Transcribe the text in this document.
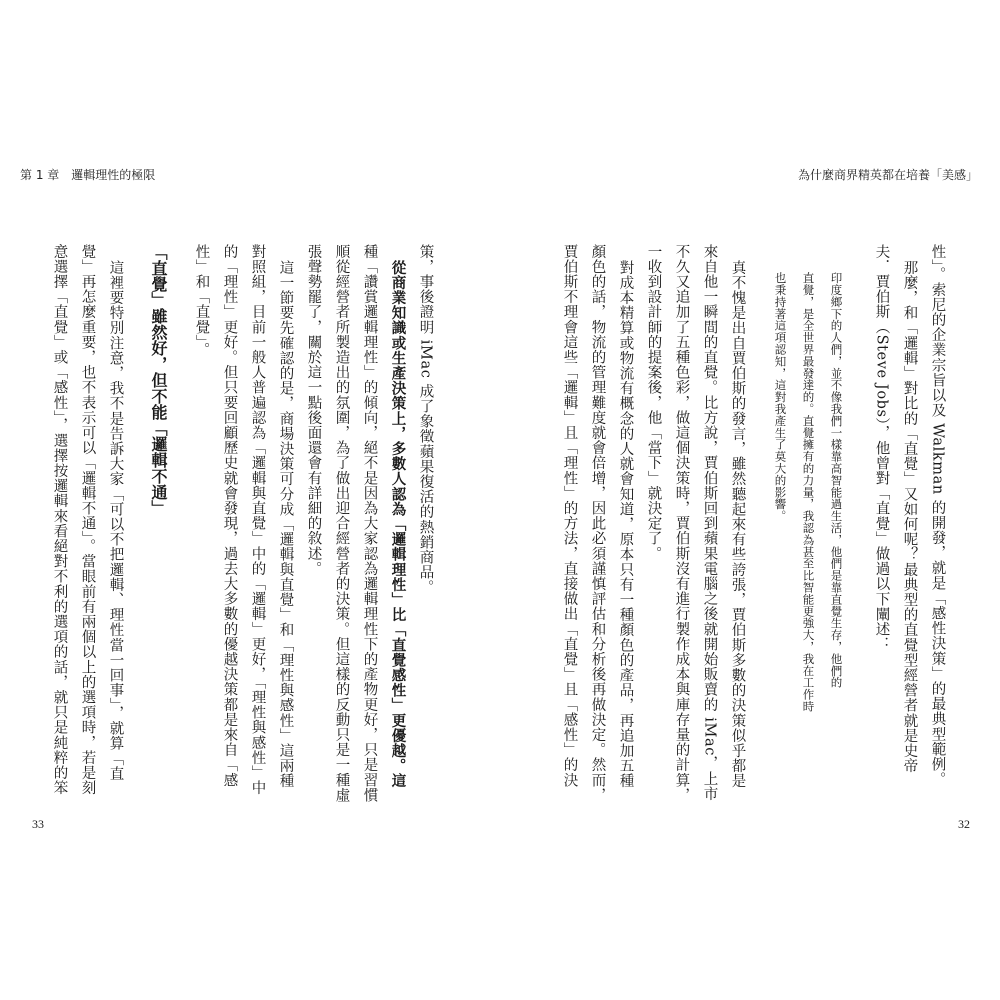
第 1 章　邏輯理性的極限	為什麼商界精英都在培養「美感」
性」。索尼的企業宗旨以及 Walkman 的開發，就是「感性決策」的最典型範例。
那麼，和「邏輯」對比的「直覺」又如何呢？最典型的直覺型經營者就是史帝
夫．賈伯斯（Steve Jobs），他曾對「直覺」做過以下闡述：
印度鄉下的人們，並不像我們一樣靠高智能過生活，他們是靠直覺生存，他們的
直覺，是全世界最發達的。直覺擁有的力量，我認為甚至比智能更強大，我在工作時
也秉持著這項認知，這對我產生了莫大的影響。
真不愧是出自賈伯斯的發言，雖然聽起來有些誇張，賈伯斯多數的決策似乎都是
來自他一瞬間的直覺。比方說，賈伯斯回到蘋果電腦之後就開始販賣的 iMac，上市
不久又追加了五種色彩，做這個決策時，賈伯斯沒有進行製作成本與庫存量的計算，
一收到設計師的提案後，他「當下」就決定了。
對成本精算或物流有概念的人就會知道，原本只有一種顏色的產品，再追加五種
顏色的話，物流的管理難度就會倍增，因此必須謹慎評估和分析後再做決定。然而，
賈伯斯不理會這些「邏輯」且「理性」的方法，直接做出「直覺」且「感性」的決
策，事後證明 iMac 成了象徵蘋果復活的熱銷商品。
從商業知識或生產決策上，多數人認為「邏輯理性」比「直覺感性」更優越。這
種「讚賞邏輯理性」的傾向，絕不是因為大家認為邏輯理性下的產物更好，只是習慣
順從經營者所製造出的氛圍，為了做出迎合經營者的決策。但這樣的反動只是一種虛
張聲勢罷了，關於這一點後面還會有詳細的敘述。
這一節要先確認的是，商場決策可分成「邏輯與直覺」和「理性與感性」這兩種
對照組，目前一般人普遍認為「邏輯與直覺」中的「邏輯」更好，「理性與感性」中
的「理性」更好。但只要回顧歷史就會發現，過去大多數的優越決策都是來自「感
性」和「直覺」。
「直覺」雖然好，但不能「邏輯不通」
這裡要特別注意，我不是告訴大家「可以不把邏輯、理性當一回事」，就算「直
覺」再怎麼重要，也不表示可以「邏輯不通」。當眼前有兩個以上的選項時，若是刻
意選擇「直覺」或「感性」，選擇按邏輯來看絕對不利的選項的話，就只是純粹的笨
33	32
